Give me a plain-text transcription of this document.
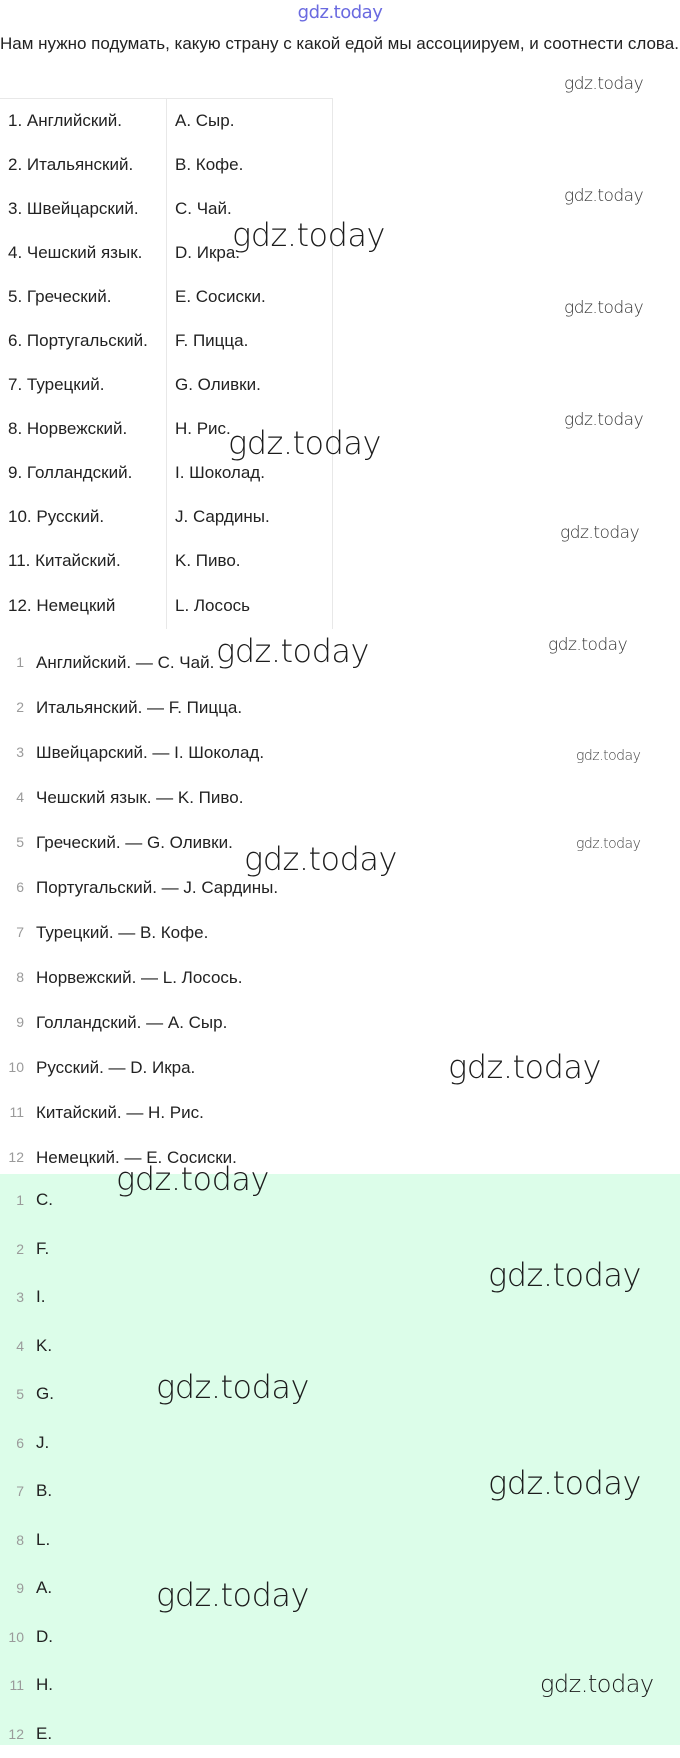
gdz.today
Нам нужно подумать, какую страну с какой едой мы ассоциируем, и соотнести слова.
1. Английский.	A. Сыр.
2. Итальянский.	B. Кофе.
3. Швейцарский.	C. Чай.
4. Чешский язык.	D. Икра.
5. Греческий.	E. Сосиски.
6. Португальский.	F. Пицца.
7. Турецкий.	G. Оливки.
8. Норвежский.	H. Рис.
9. Голландский.	I. Шоколад.
10. Русский.	J. Сардины.
11. Китайский.	K. Пиво.
12. Немецкий	L. Лосось
1 Английский. — C. Чай.
2 Итальянский. — F. Пицца.
3 Швейцарский. — I. Шоколад.
4 Чешский язык. — K. Пиво.
5 Греческий. — G. Оливки.
6 Португальский. — J. Сардины.
7 Турецкий. — B. Кофе.
8 Норвежский. — L. Лосось.
9 Голландский. — A. Сыр.
10 Русский. — D. Икра.
11 Китайский. — H. Рис.
12 Немецкий. — E. Сосиски.
1 C.
2 F.
3 I.
4 K.
5 G.
6 J.
7 B.
8 L.
9 A.
10 D.
11 H.
12 E.
gdz.today
gdz.today
gdz.today
gdz.today
gdz.today
gdz.today
gdz.today
gdz.today
gdz.today
gdz.today
gdz.today
gdz.today
gdz.today
gdz.today
gdz.today
gdz.today
gdz.today
gdz.today
gdz.today
